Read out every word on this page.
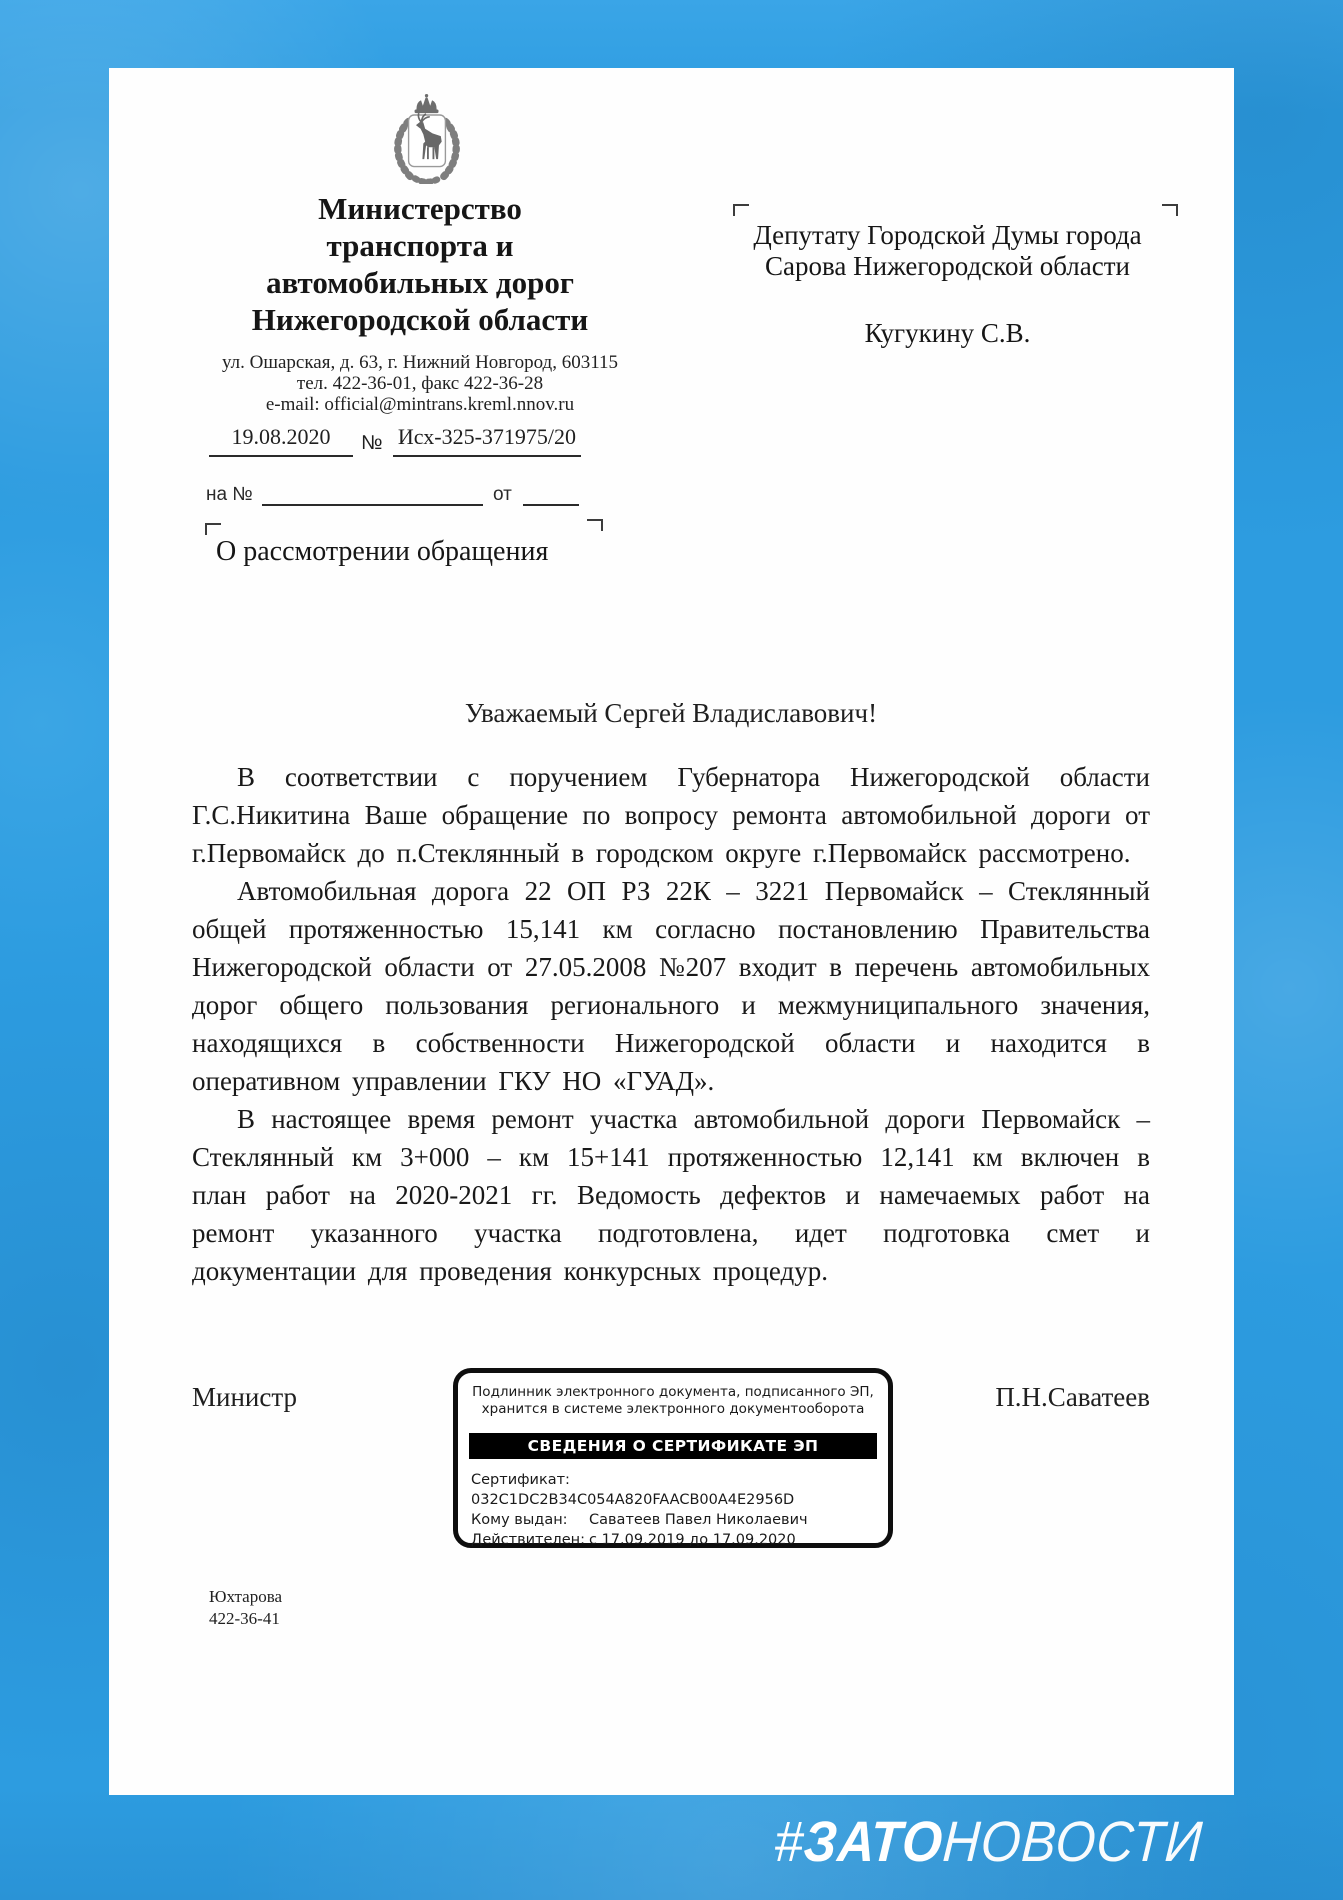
Министерство
транспорта и
автомобильных дорог
Нижегородской области
ул. Ошарская, д. 63, г. Нижний Новгород, 603115
тел. 422-36-01, факс 422-36-28
e-mail: official@mintrans.kreml.nnov.ru
19.08.2020	№ Исх-325-371975/20
на №	от
О рассмотрении обращения
Депутату Городской Думы города
Сарова Нижегородской области
Кугукину С.В.
Уважаемый Сергей Владиславович!

В соответствии с поручением Губернатора Нижегородской области Г.С.Никитина Ваше обращение по вопросу ремонта автомобильной дороги от г.Первомайск до п.Стеклянный в городском округе г.Первомайск рассмотрено.

Автомобильная дорога 22 ОП РЗ 22К – 3221 Первомайск – Стеклянный общей протяженностью 15,141 км согласно постановлению Правительства Нижегородской области от 27.05.2008 №207 входит в перечень автомобильных дорог общего пользования регионального и межмуниципального значения, находящихся в собственности Нижегородской области и находится в оперативном управлении ГКУ НО «ГУАД».

В настоящее время ремонт участка автомобильной дороги Первомайск – Стеклянный км 3+000 – км 15+141 протяженностью 12,141 км включен в план работ на 2020-2021 гг. Ведомость дефектов и намечаемых работ на ремонт указанного участка подготовлена, идет подготовка смет и документации для проведения конкурсных процедур.

Министр	П.Н.Саватеев
Подлинник электронного документа, подписанного ЭП,
хранится в системе электронного документооборота
СВЕДЕНИЯ О СЕРТИФИКАТЕ ЭП
Сертификат:032C1DC2B34C054A820FAACB00A4E2956D
Кому выдан: Саватеев Павел Николаевич
Действителен: с 17.09.2019 до 17.09.2020
Юхтарова
422-36-41
#ЗАТОНОВОСТИ
